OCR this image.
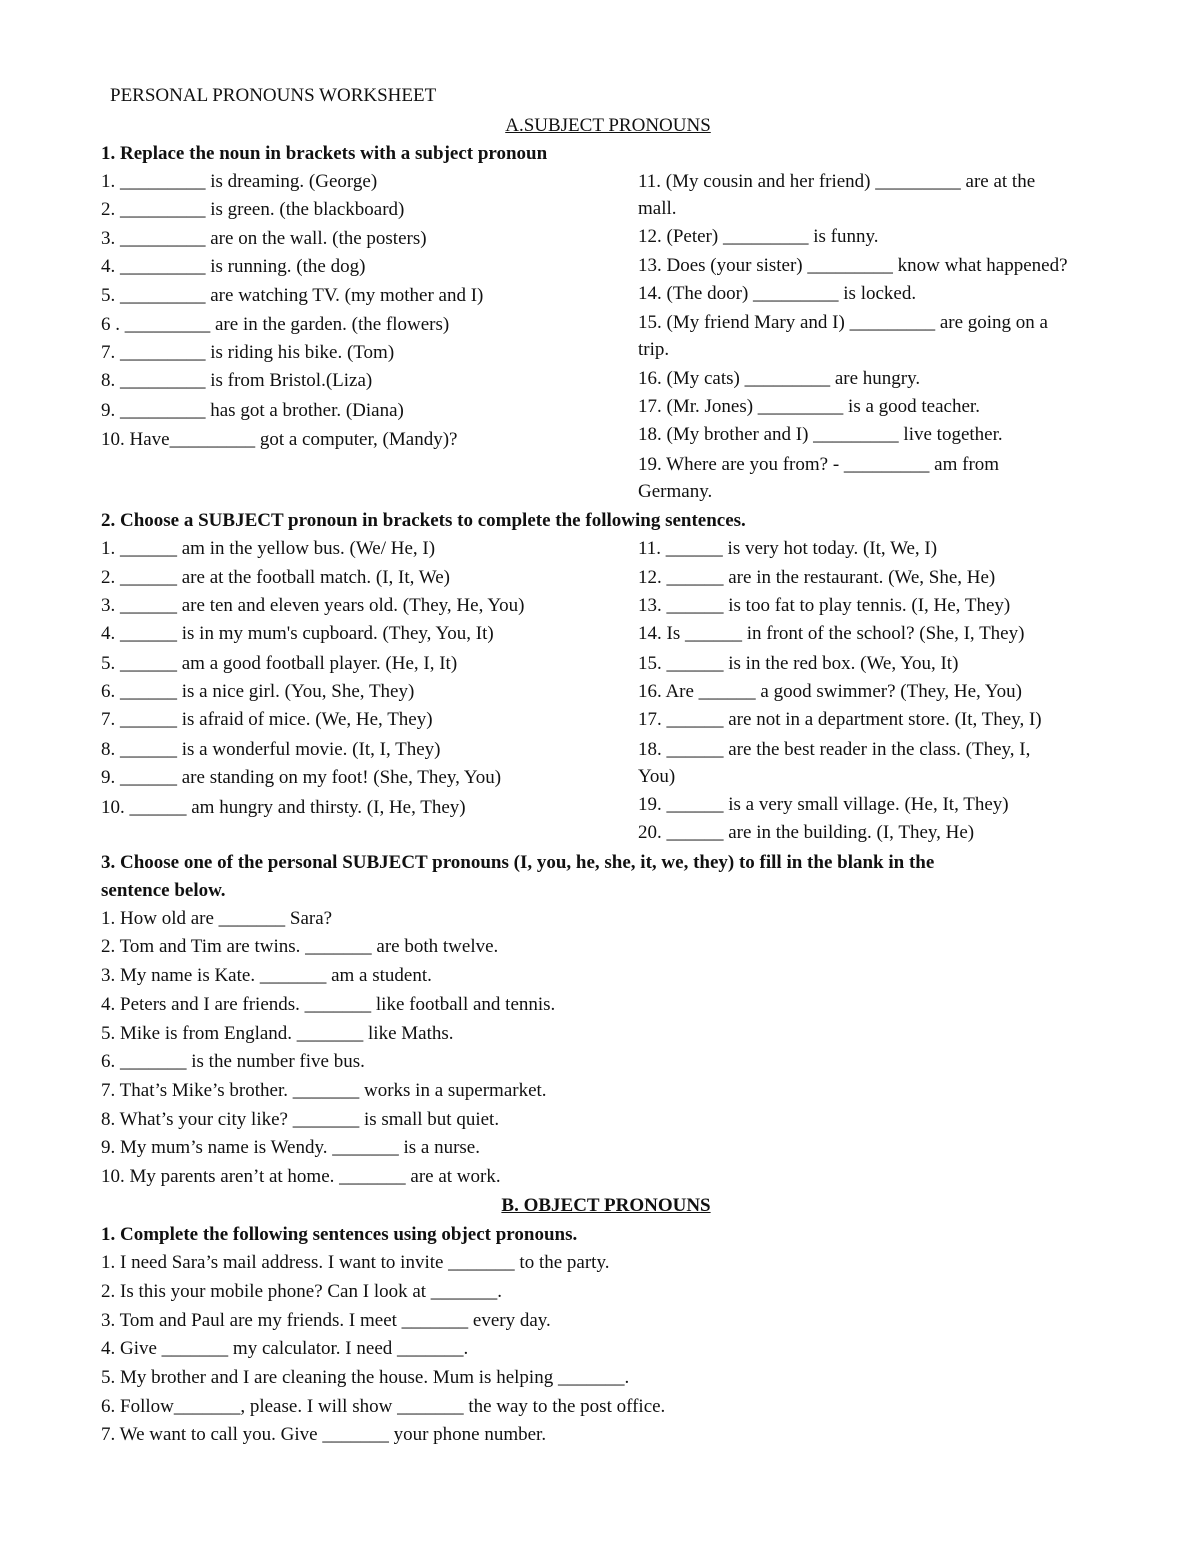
PERSONAL PRONOUNS WORKSHEET
A.SUBJECT PRONOUNS
1. Replace the noun in brackets with a subject pronoun
1. _________ is dreaming. (George)
2. _________ is green. (the blackboard)
3. _________ are on the wall. (the posters)
4. _________ is running. (the dog)
5. _________ are watching TV. (my mother and I)
6 . _________ are in the garden. (the flowers)
7. _________ is riding his bike. (Tom)
8. _________ is from Bristol.(Liza)
9. _________ has got a brother. (Diana)
10. Have_________ got a computer, (Mandy)?
11. (My cousin and her friend) _________ are at the
mall.
12. (Peter) _________ is funny.
13. Does (your sister) _________ know what happened?
14. (The door) _________ is locked.
15. (My friend Mary and I) _________ are going on a
trip.
16. (My cats) _________ are hungry.
17. (Mr. Jones) _________ is a good teacher.
18. (My brother and I) _________ live together.
19. Where are you from? - _________ am from
Germany.
2. Choose a SUBJECT pronoun in brackets to complete the following sentences.
1. ______ am in the yellow bus. (We/ He, I)
2. ______ are at the football match. (I, It, We)
3. ______ are ten and eleven years old. (They, He, You)
4. ______ is in my mum's cupboard. (They, You, It)
5. ______ am a good football player. (He, I, It)
6. ______ is a nice girl. (You, She, They)
7. ______ is afraid of mice. (We, He, They)
8. ______ is a wonderful movie. (It, I, They)
9. ______ are standing on my foot! (She, They, You)
10. ______ am hungry and thirsty. (I, He, They)
11. ______ is very hot today. (It, We, I)
12. ______ are in the restaurant. (We, She, He)
13. ______ is too fat to play tennis. (I, He, They)
14. Is ______ in front of the school? (She, I, They)
15. ______ is in the red box. (We, You, It)
16. Are ______ a good swimmer? (They, He, You)
17. ______ are not in a department store. (It, They, I)
18. ______ are the best reader in the class. (They, I,
You)
19. ______ is a very small village. (He, It, They)
20. ______ are in the building. (I, They, He)
3. Choose one of the personal SUBJECT pronouns (I, you, he, she, it, we, they) to fill in the blank in the
sentence below.
1. How old are _______ Sara?
2. Tom and Tim are twins. _______ are both twelve.
3. My name is Kate. _______ am a student.
4. Peters and I are friends. _______ like football and tennis.
5. Mike is from England. _______ like Maths.
6. _______ is the number five bus.
7. That’s Mike’s brother. _______ works in a supermarket.
8. What’s your city like? _______ is small but quiet.
9. My mum’s name is Wendy. _______ is a nurse.
10. My parents aren’t at home. _______ are at work.
B. OBJECT PRONOUNS
1. Complete the following sentences using object pronouns.
1. I need Sara’s mail address. I want to invite _______ to the party.
2. Is this your mobile phone? Can I look at _______.
3. Tom and Paul are my friends. I meet _______ every day.
4. Give _______ my calculator. I need _______.
5. My brother and I are cleaning the house. Mum is helping _______.
6. Follow_______, please. I will show _______ the way to the post office.
7. We want to call you. Give _______ your phone number.
